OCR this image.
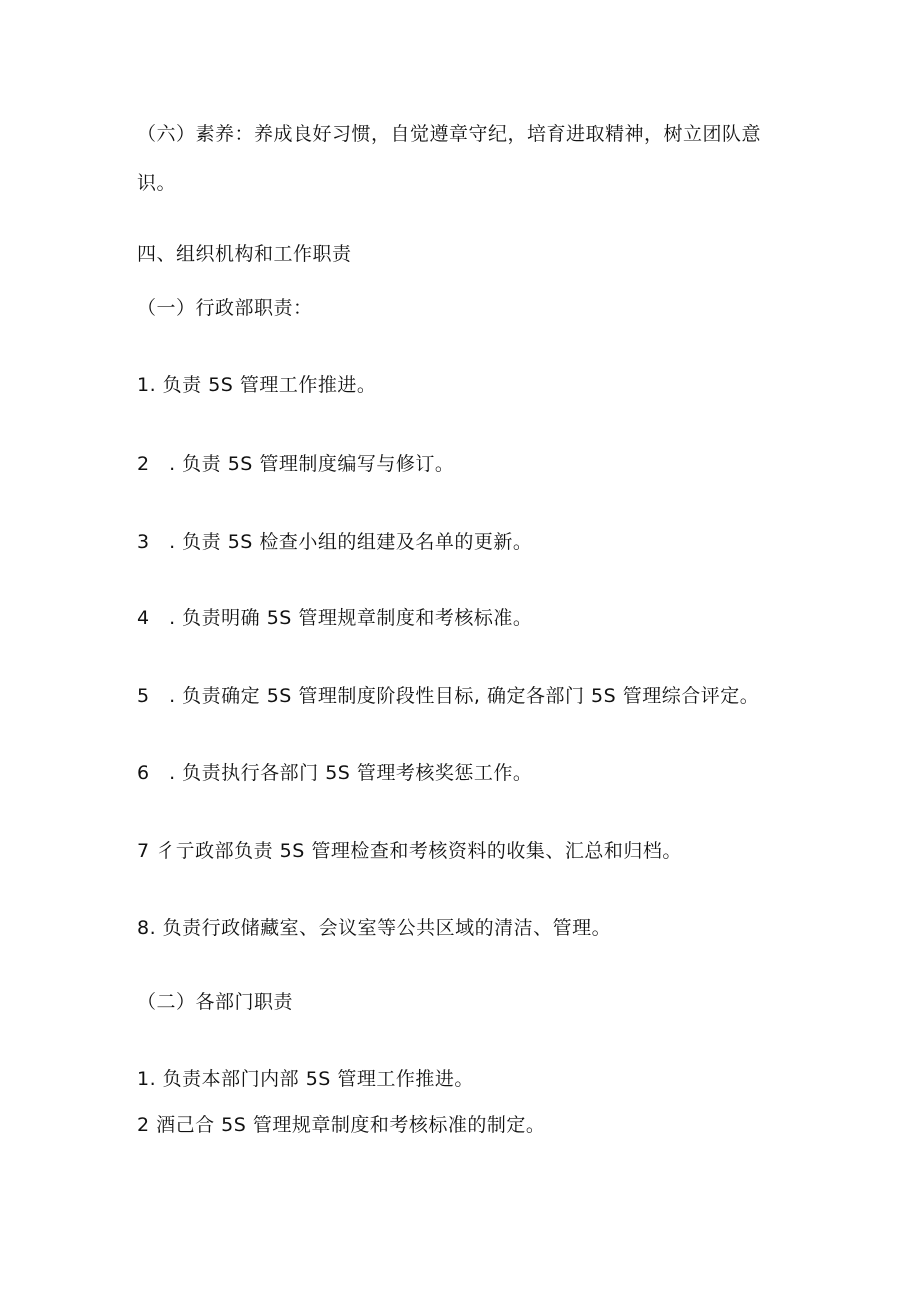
（六）素养：养成良好习惯，自觉遵章守纪，培育进取精神，树立团队意
识。
四、组织机构和工作职责
（一）行政部职责：
1. 负责 5S 管理工作推进。
2　. 负责 5S 管理制度编写与修订。
3　. 负责 5S 检查小组的组建及名单的更新。
4　. 负责明确 5S 管理规章制度和考核标准。
5　. 负责确定 5S 管理制度阶段性目标, 确定各部门 5S 管理综合评定。
6　. 负责执行各部门 5S 管理考核奖惩工作。
7 彳亍政部负责 5S 管理检查和考核资料的收集、汇总和归档。
8. 负责行政储藏室、会议室等公共区域的清洁、管理。
（二）各部门职责
1. 负责本部门内部 5S 管理工作推进。
2 酒己合 5S 管理规章制度和考核标准的制定。
